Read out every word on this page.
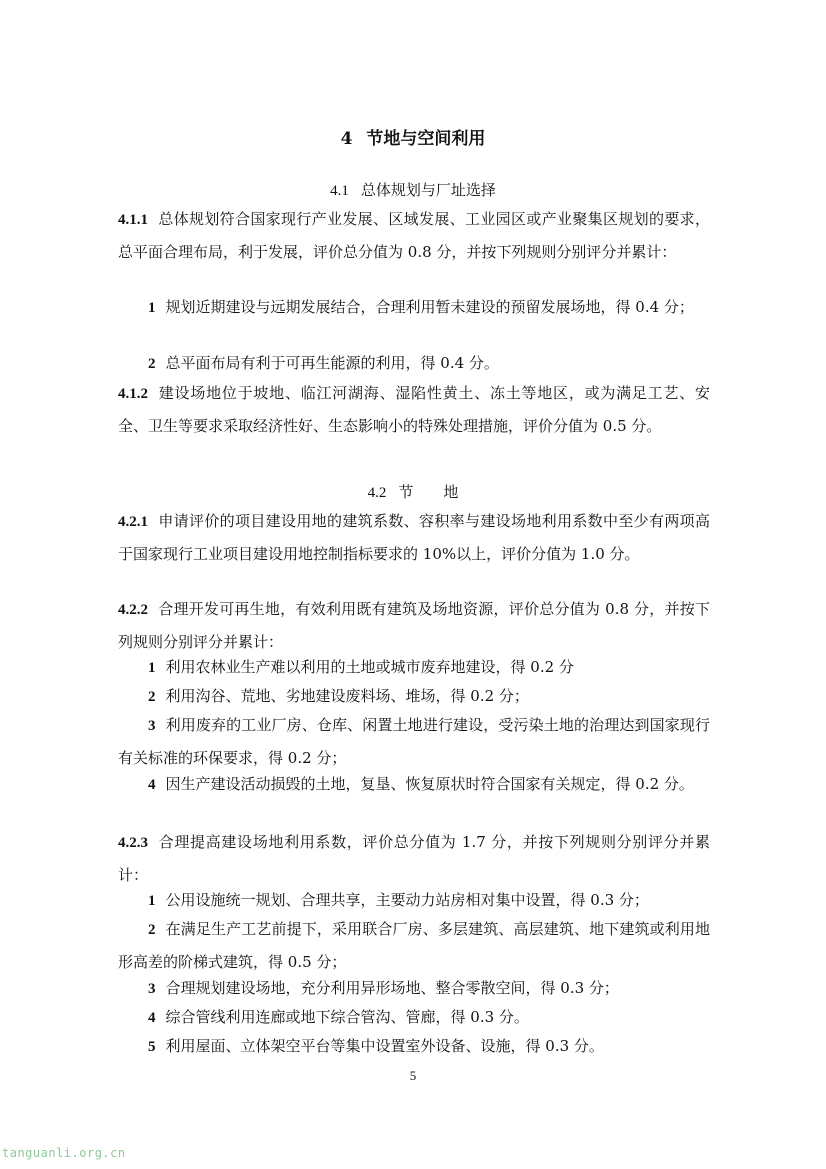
4 节地与空间利用
4.1 总体规划与厂址选择
4.1.1 总体规划符合国家现行产业发展、区域发展、工业园区或产业聚集区规划的要求，总平面合理布局，利于发展，评价总分值为 0.8 分，并按下列规则分别评分并累计：
1 规划近期建设与远期发展结合，合理利用暂未建设的预留发展场地，得 0.4 分；
2 总平面布局有利于可再生能源的利用，得 0.4 分。
4.1.2 建设场地位于坡地、临江河湖海、湿陷性黄土、冻土等地区，或为满足工艺、安全、卫生等要求采取经济性好、生态影响小的特殊处理措施，评价分值为 0.5 分。
4.2 节　　地
4.2.1 申请评价的项目建设用地的建筑系数、容积率与建设场地利用系数中至少有两项高于国家现行工业项目建设用地控制指标要求的 10%以上，评价分值为 1.0 分。
4.2.2 合理开发可再生地，有效利用既有建筑及场地资源，评价总分值为 0.8 分，并按下列规则分别评分并累计：
1 利用农林业生产难以利用的土地或城市废弃地建设，得 0.2 分
2 利用沟谷、荒地、劣地建设废料场、堆场，得 0.2 分；
3 利用废弃的工业厂房、仓库、闲置土地进行建设，受污染土地的治理达到国家现行有关标准的环保要求，得 0.2 分；
4 因生产建设活动损毁的土地，复垦、恢复原状时符合国家有关规定，得 0.2 分。
4.2.3 合理提高建设场地利用系数，评价总分值为 1.7 分，并按下列规则分别评分并累计：
1 公用设施统一规划、合理共享，主要动力站房相对集中设置，得 0.3 分；
2 在满足生产工艺前提下，采用联合厂房、多层建筑、高层建筑、地下建筑或利用地形高差的阶梯式建筑，得 0.5 分；
3 合理规划建设场地，充分利用异形场地、整合零散空间，得 0.3 分；
4 综合管线利用连廊或地下综合管沟、管廊，得 0.3 分。
5 利用屋面、立体架空平台等集中设置室外设备、设施，得 0.3 分。
5
tanguanli.org.cn
